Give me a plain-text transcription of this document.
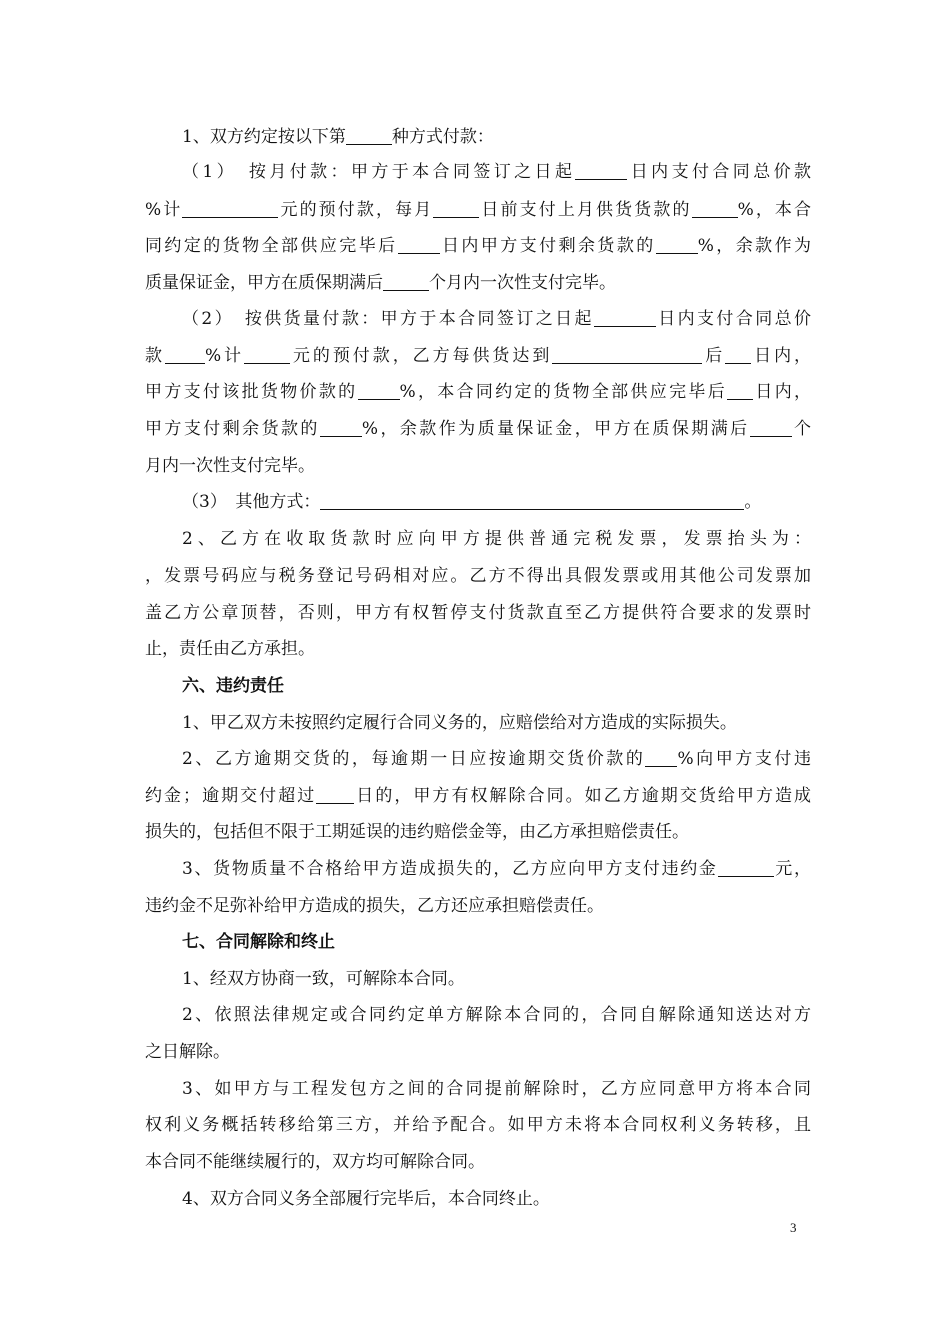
1、双方约定按以下第	种方式付款：
（1）　按月付款：甲方于本合同签订之日起	日内支付合同总价款
%计	元的预付款，每月	日前支付上月供货货款的	%，本合
同约定的货物全部供应完毕后 日内甲方支付剩余货款的 %，余款作为
质量保证金，甲方在质保期满后	个月内一次性支付完毕。
（2）　按供货量付款：甲方于本合同签订之日起	日内支付合同总价
款 %计	元的预付款，乙方每供货达到	后 日内，
甲方支付该批货物价款的 %，本合同约定的货物全部供应完毕后 日内，
甲方支付剩余货款的 %，余款作为质量保证金，甲方在质保期满后 个
月内一次性支付完毕。
（3）　其他方式：	。
2、乙方在收取货款时应向甲方提供普通完税发票，发票抬头为：
，发票号码应与税务登记号码相对应。乙方不得出具假发票或用其他公司发票加
盖乙方公章顶替，否则，甲方有权暂停支付货款直至乙方提供符合要求的发票时
止，责任由乙方承担。
六、违约责任
1、甲乙双方未按照约定履行合同义务的，应赔偿给对方造成的实际损失。
2、乙方逾期交货的，每逾期一日应按逾期交货价款的 %向甲方支付违
约金；逾期交付超过 日的，甲方有权解除合同。如乙方逾期交货给甲方造成
损失的，包括但不限于工期延误的违约赔偿金等，由乙方承担赔偿责任。
3、货物质量不合格给甲方造成损失的，乙方应向甲方支付违约金	元，
违约金不足弥补给甲方造成的损失，乙方还应承担赔偿责任。
七、合同解除和终止
1、经双方协商一致，可解除本合同。
2、依照法律规定或合同约定单方解除本合同的，合同自解除通知送达对方
之日解除。
3、如甲方与工程发包方之间的合同提前解除时，乙方应同意甲方将本合同
权利义务概括转移给第三方，并给予配合。如甲方未将本合同权利义务转移，且
本合同不能继续履行的，双方均可解除合同。
4、双方合同义务全部履行完毕后，本合同终止。
3
